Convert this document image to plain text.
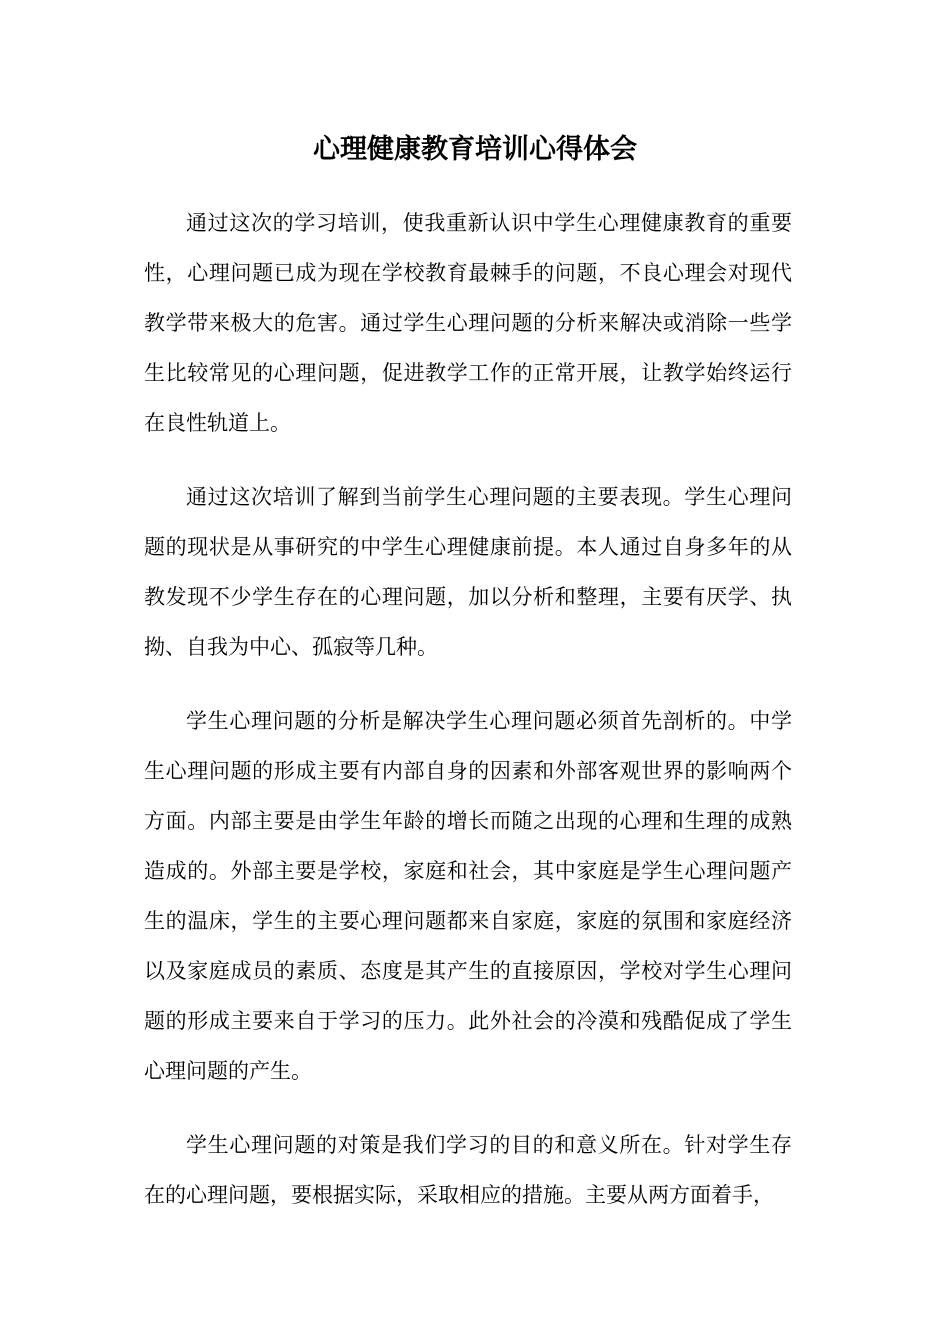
心理健康教育培训心得体会

通过这次的学习培训，使我重新认识中学生心理健康教育的重要性，心理问题已成为现在学校教育最棘手的问题，不良心理会对现代教学带来极大的危害。通过学生心理问题的分析来解决或消除一些学生比较常见的心理问题，促进教学工作的正常开展，让教学始终运行在良性轨道上。

通过这次培训了解到当前学生心理问题的主要表现。学生心理问题的现状是从事研究的中学生心理健康前提。本人通过自身多年的从教发现不少学生存在的心理问题，加以分析和整理，主要有厌学、执拗、自我为中心、孤寂等几种。

学生心理问题的分析是解决学生心理问题必须首先剖析的。中学生心理问题的形成主要有内部自身的因素和外部客观世界的影响两个方面。内部主要是由学生年龄的增长而随之出现的心理和生理的成熟造成的。外部主要是学校，家庭和社会，其中家庭是学生心理问题产生的温床，学生的主要心理问题都来自家庭，家庭的氛围和家庭经济以及家庭成员的素质、态度是其产生的直接原因，学校对学生心理问题的形成主要来自于学习的压力。此外社会的冷漠和残酷促成了学生心理问题的产生。

学生心理问题的对策是我们学习的目的和意义所在。针对学生存在的心理问题，要根据实际，采取相应的措施。主要从两方面着手，
